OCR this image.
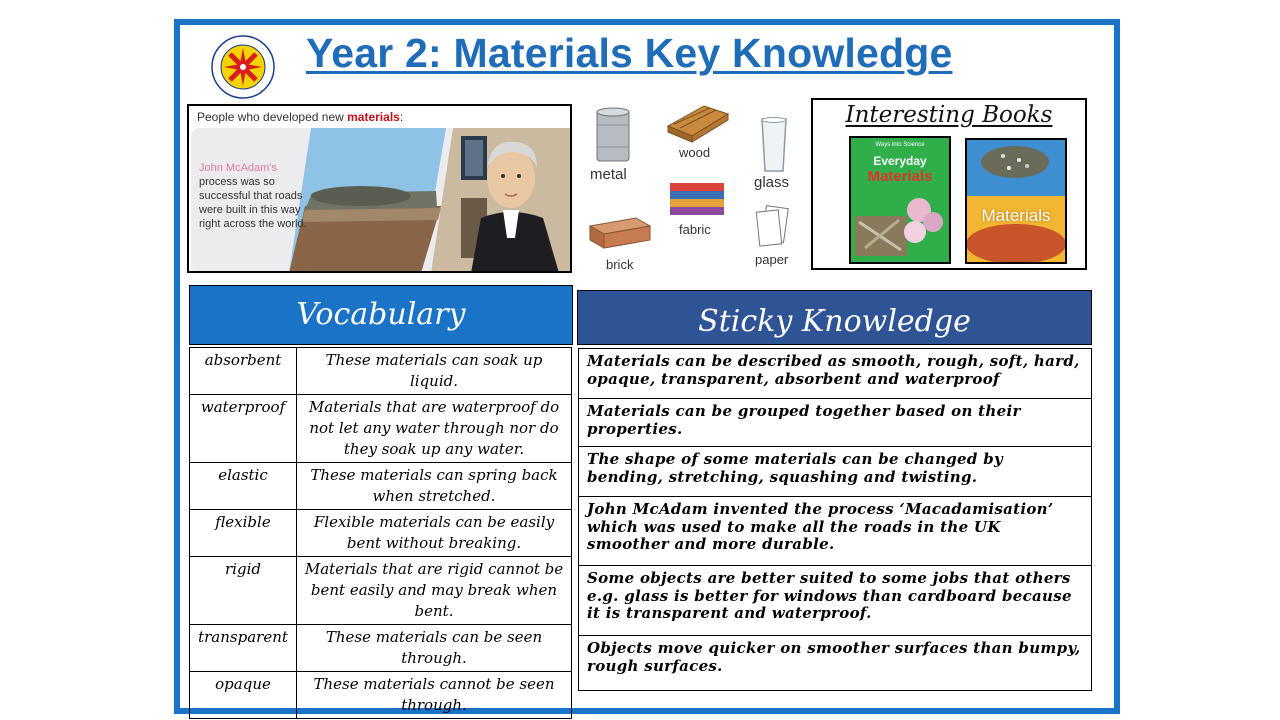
Year 2: Materials Key Knowledge
People who developed new materials:
John McAdam's
process was so successful that roads were built in this way right across the world.
metal
wood
glass
fabric
brick	paper
Interesting Books
Ways into Science
Everyday
Materials
Materials
Vocabulary
absorbent	These materials can soak up liquid.
waterproof	Materials that are waterproof do not let any water through nor do they soak up any water.
elastic	These materials can spring back when stretched.
flexible	Flexible materials can be easily bent without breaking.
rigid	Materials that are rigid cannot be bent easily and may break when bent.
transparent	These materials can be seen through.
opaque	These materials cannot be seen through.
Sticky Knowledge
Materials can be described as smooth, rough, soft, hard, opaque, transparent, absorbent and waterproof
Materials can be grouped together based on their properties.
The shape of some materials can be changed by bending, stretching, squashing and twisting.
John McAdam invented the process ‘Macadamisation’ which was used to make all the roads in the UK smoother and more durable.
Some objects are better suited to some jobs that others e.g. glass is better for windows than cardboard because it is transparent and waterproof.
Objects move quicker on smoother surfaces than bumpy, rough surfaces.
